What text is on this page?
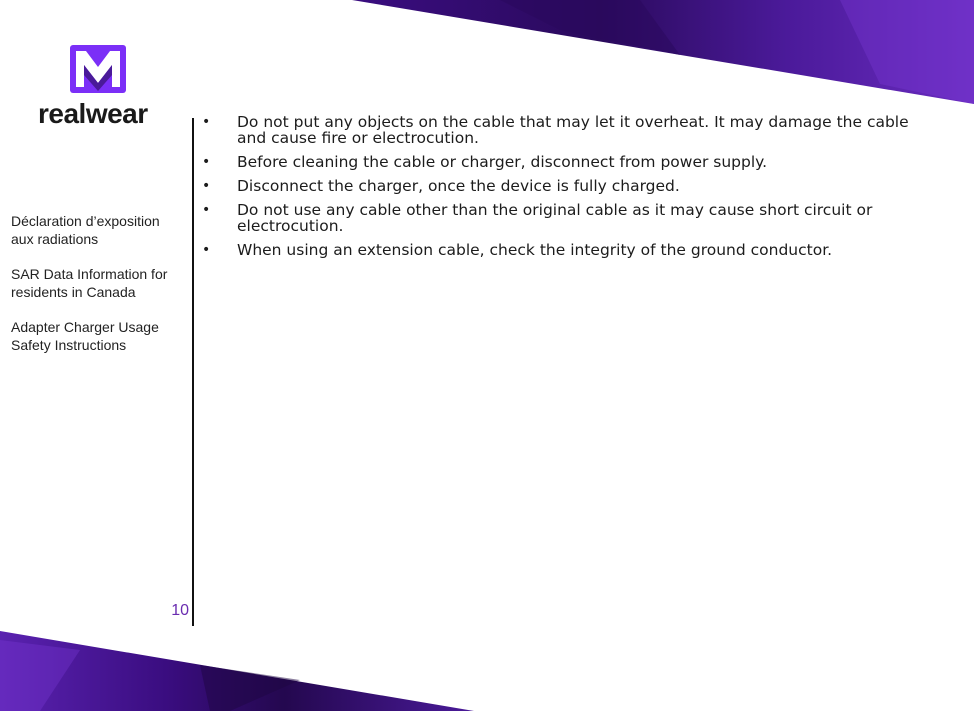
realwear
Déclaration d’exposition aux radiations
SAR Data Information for residents in Canada
Adapter Charger Usage Safety Instructions
10
• Do not put any objects on the cable that may let it overheat. It may damage the cable and cause fire or electrocution.
• Before cleaning the cable or charger, disconnect from power supply.
• Disconnect the charger, once the device is fully charged.
• Do not use any cable other than the original cable as it may cause short circuit or electrocution.
• When using an extension cable, check the integrity of the ground conductor.
